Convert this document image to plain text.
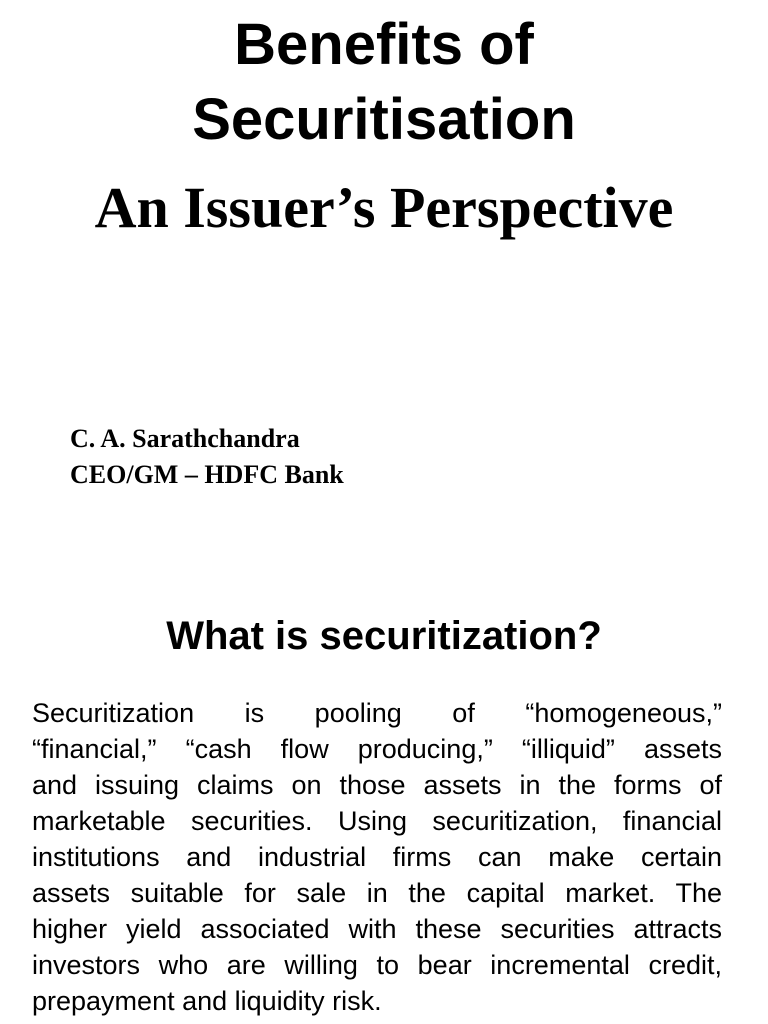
Benefits of
Securitisation
An Issuer’s Perspective
C. A. Sarathchandra
CEO/GM – HDFC Bank
What is securitization?
Securitization is pooling of “homogeneous,”
“financial,” “cash flow producing,” “illiquid” assets
and issuing claims on those assets in the forms of
marketable securities. Using securitization, financial
institutions and industrial firms can make certain
assets suitable for sale in the capital market. The
higher yield associated with these securities attracts
investors who are willing to bear incremental credit,
prepayment and liquidity risk.
